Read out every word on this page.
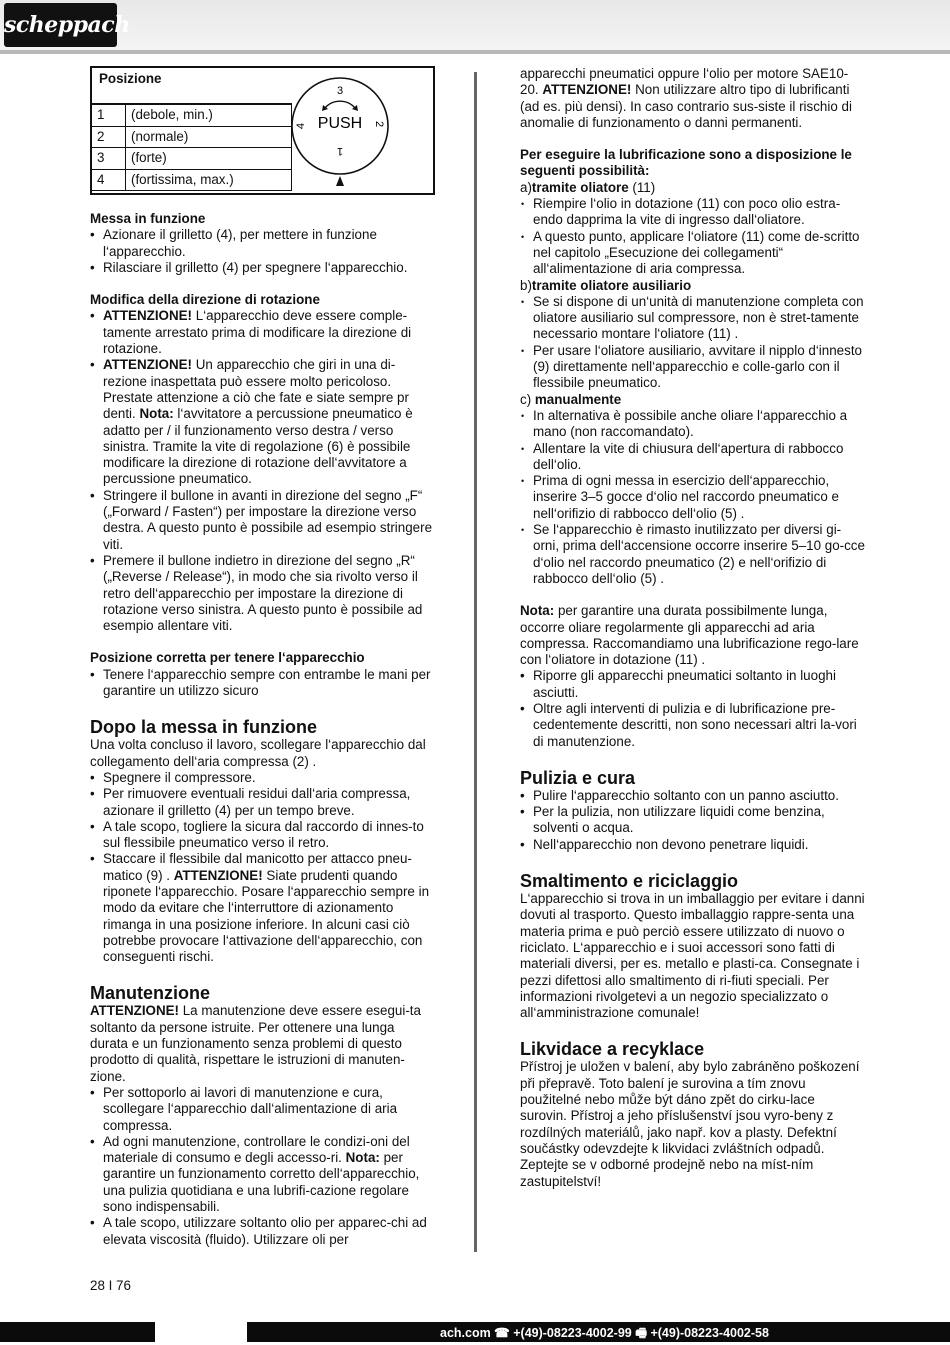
scheppach
Posizione
1	(debole, min.)
2	(normale)
3	(forte)
4	(fortissima, max.)
PUSH
3
2
4
1

Messa in funzione

• Azionare il grilletto (4), per mettere in funzione l‘apparecchio.

• Rilasciare il grilletto (4) per spegnere l‘apparecchio.

Modifica della direzione di rotazione

• ATTENZIONE! L‘apparecchio deve essere comple-tamente arrestato prima di modificare la direzione di rotazione.

• ATTENZIONE! Un apparecchio che giri in una di-rezione inaspettata può essere molto pericoloso. Prestate attenzione a ciò che fate e siate sempre pr denti. Nota: l‘avvitatore a percussione pneumatico è adatto per / il funzionamento verso destra / verso sinistra. Tramite la vite di regolazione (6) è possibile modificare la direzione di rotazione dell‘avvitatore a percussione pneumatico.

• Stringere il bullone in avanti in direzione del segno „F“ („Forward / Fasten“) per impostare la direzione verso destra. A questo punto è possibile ad esempio stringere viti.

• Premere il bullone indietro in direzione del segno „R“ („Reverse / Release“), in modo che sia rivolto verso il retro dell‘apparecchio per impostare la direzione di rotazione verso sinistra. A questo punto è possibile ad esempio allentare viti.

Posizione corretta per tenere l‘apparecchio

• Tenere l‘apparecchio sempre con entrambe le mani per garantire un utilizzo sicuro

Dopo la messa in funzione

Una volta concluso il lavoro, scollegare l‘apparecchio dal collegamento dell‘aria compressa (2) .

• Spegnere il compressore.

• Per rimuovere eventuali residui dall‘aria compressa, azionare il grilletto (4) per un tempo breve.

• A tale scopo, togliere la sicura dal raccordo di innes-to sul flessibile pneumatico verso il retro.

• Staccare il flessibile dal manicotto per attacco pneu-matico (9) . ATTENZIONE! Siate prudenti quando riponete l‘apparecchio. Posare l‘apparecchio sempre in modo da evitare che l‘interruttore di azionamento rimanga in una posizione inferiore. In alcuni casi ciò potrebbe provocare l‘attivazione dell‘apparecchio, con conseguenti rischi.

Manutenzione

ATTENZIONE! La manutenzione deve essere esegui-ta soltanto da persone istruite. Per ottenere una lunga durata e un funzionamento senza problemi di questo prodotto di qualità, rispettare le istruzioni di manuten-zione.

• Per sottoporlo ai lavori di manutenzione e cura, scollegare l‘apparecchio dall‘alimentazione di aria compressa.

• Ad ogni manutenzione, controllare le condizi-oni del materiale di consumo e degli accesso-ri. Nota: per garantire un funzionamento corretto dell‘apparecchio, una pulizia quotidiana e una lubrifi-cazione regolare sono indispensabili.

• A tale scopo, utilizzare soltanto olio per apparec-chi ad elevata viscosità (fluido). Utilizzare oli per

apparecchi pneumatici oppure l‘olio per motore SAE10-20. ATTENZIONE! Non utilizzare altro tipo di lubrificanti (ad es. più densi). In caso contrario sus-siste il rischio di anomalie di funzionamento o danni permanenti.

Per eseguire la lubrificazione sono a disposizione le seguenti possibilità:

a)tramite oliatore (11)

• Riempire l‘olio in dotazione (11) con poco olio estra-endo dapprima la vite di ingresso dall‘oliatore.

• A questo punto, applicare l‘oliatore (11) come de-scritto nel capitolo „Esecuzione dei collegamenti“ all‘alimentazione di aria compressa.

b)tramite oliatore ausiliario

• Se si dispone di un‘unità di manutenzione completa con oliatore ausiliario sul compressore, non è stret-tamente necessario montare l‘oliatore (11) .

• Per usare l‘oliatore ausiliario, avvitare il nipplo d‘innesto (9) direttamente nell‘apparecchio e colle-garlo con il flessibile pneumatico.

c) manualmente

• In alternativa è possibile anche oliare l‘apparecchio a mano (non raccomandato).

• Allentare la vite di chiusura dell‘apertura di rabbocco dell‘olio.

• Prima di ogni messa in esercizio dell‘apparecchio, inserire 3–5 gocce d‘olio nel raccordo pneumatico e nell‘orifizio di rabbocco dell‘olio (5) .

• Se l‘apparecchio è rimasto inutilizzato per diversi gi-orni, prima dell‘accensione occorre inserire 5–10 go-cce d‘olio nel raccordo pneumatico (2) e nell‘orifizio di rabbocco dell‘olio (5) .

Nota: per garantire una durata possibilmente lunga, occorre oliare regolarmente gli apparecchi ad aria compressa. Raccomandiamo una lubrificazione rego-lare con l‘oliatore in dotazione (11) .

• Riporre gli apparecchi pneumatici soltanto in luoghi asciutti.

• Oltre agli interventi di pulizia e di lubrificazione pre-cedentemente descritti, non sono necessari altri la-vori di manutenzione.

Pulizia e cura

• Pulire l‘apparecchio soltanto con un panno asciutto.

• Per la pulizia, non utilizzare liquidi come benzina, solventi o acqua.

• Nell‘apparecchio non devono penetrare liquidi.

Smaltimento e riciclaggio

L‘apparecchio si trova in un imballaggio per evitare i danni dovuti al trasporto. Questo imballaggio rappre-senta una materia prima e può perciò essere utilizzato di nuovo o riciclato. L‘apparecchio e i suoi accessori sono fatti di materiali diversi, per es. metallo e plasti-ca. Consegnate i pezzi difettosi allo smaltimento di ri-fiuti speciali. Per informazioni rivolgetevi a un negozio specializzato o all‘amministrazione comunale!

Likvidace a recyklace

Přístroj je uložen v balení, aby bylo zabráněno poškození při přepravě. Toto balení je surovina a tím znovu použitelné nebo může být dáno zpět do cirku-lace surovin. Přístroj a jeho příslušenství jsou vyro-beny z rozdílných materiálů, jako např. kov a plasty. Defektní součástky odevzdejte k likvidaci zvláštních odpadů. Zeptejte se v odborné prodejně nebo na míst-ním zastupitelství!

28 I 76
ach.com ☎ +(49)-08223-4002-99 🖷 +(49)-08223-4002-58
